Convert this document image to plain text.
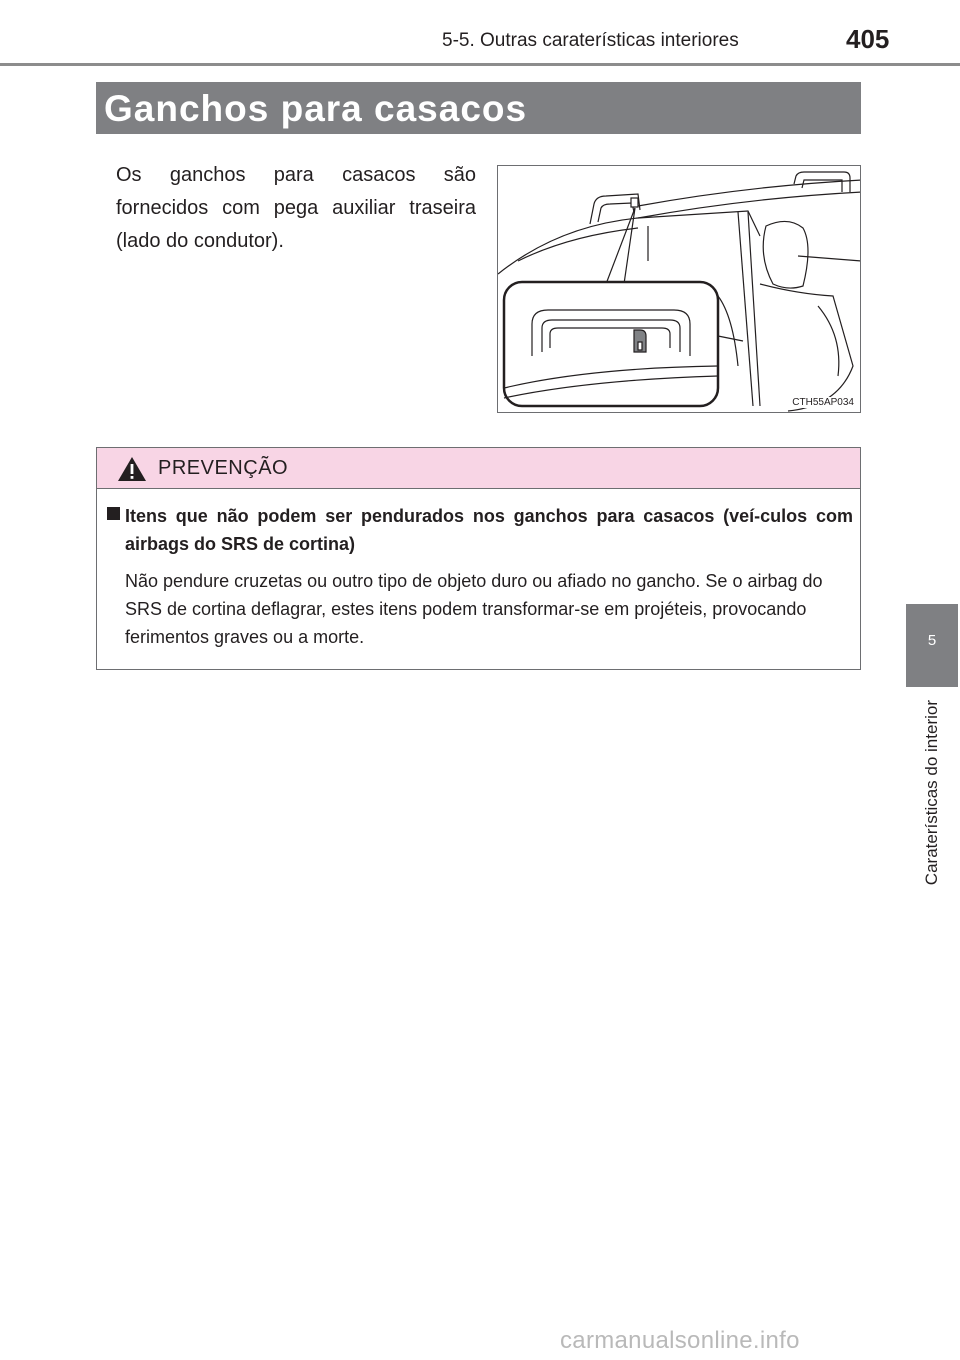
5-5. Outras caraterísticas interiores	405
Ganchos para casacos
Os ganchos para casacos são fornecidos com pega auxiliar traseira (lado do condutor).
CTH55AP034
PREVENÇÃO
Itens que não podem ser pendurados nos ganchos para casacos (veí-culos com airbags do SRS de cortina)
Não pendure cruzetas ou outro tipo de objeto duro ou afiado no gancho. Se o airbag do SRS de cortina deflagrar, estes itens podem transformar-se em projéteis, provocando ferimentos graves ou a morte.	5
Caraterísticas do interior
carmanualsonline.info
